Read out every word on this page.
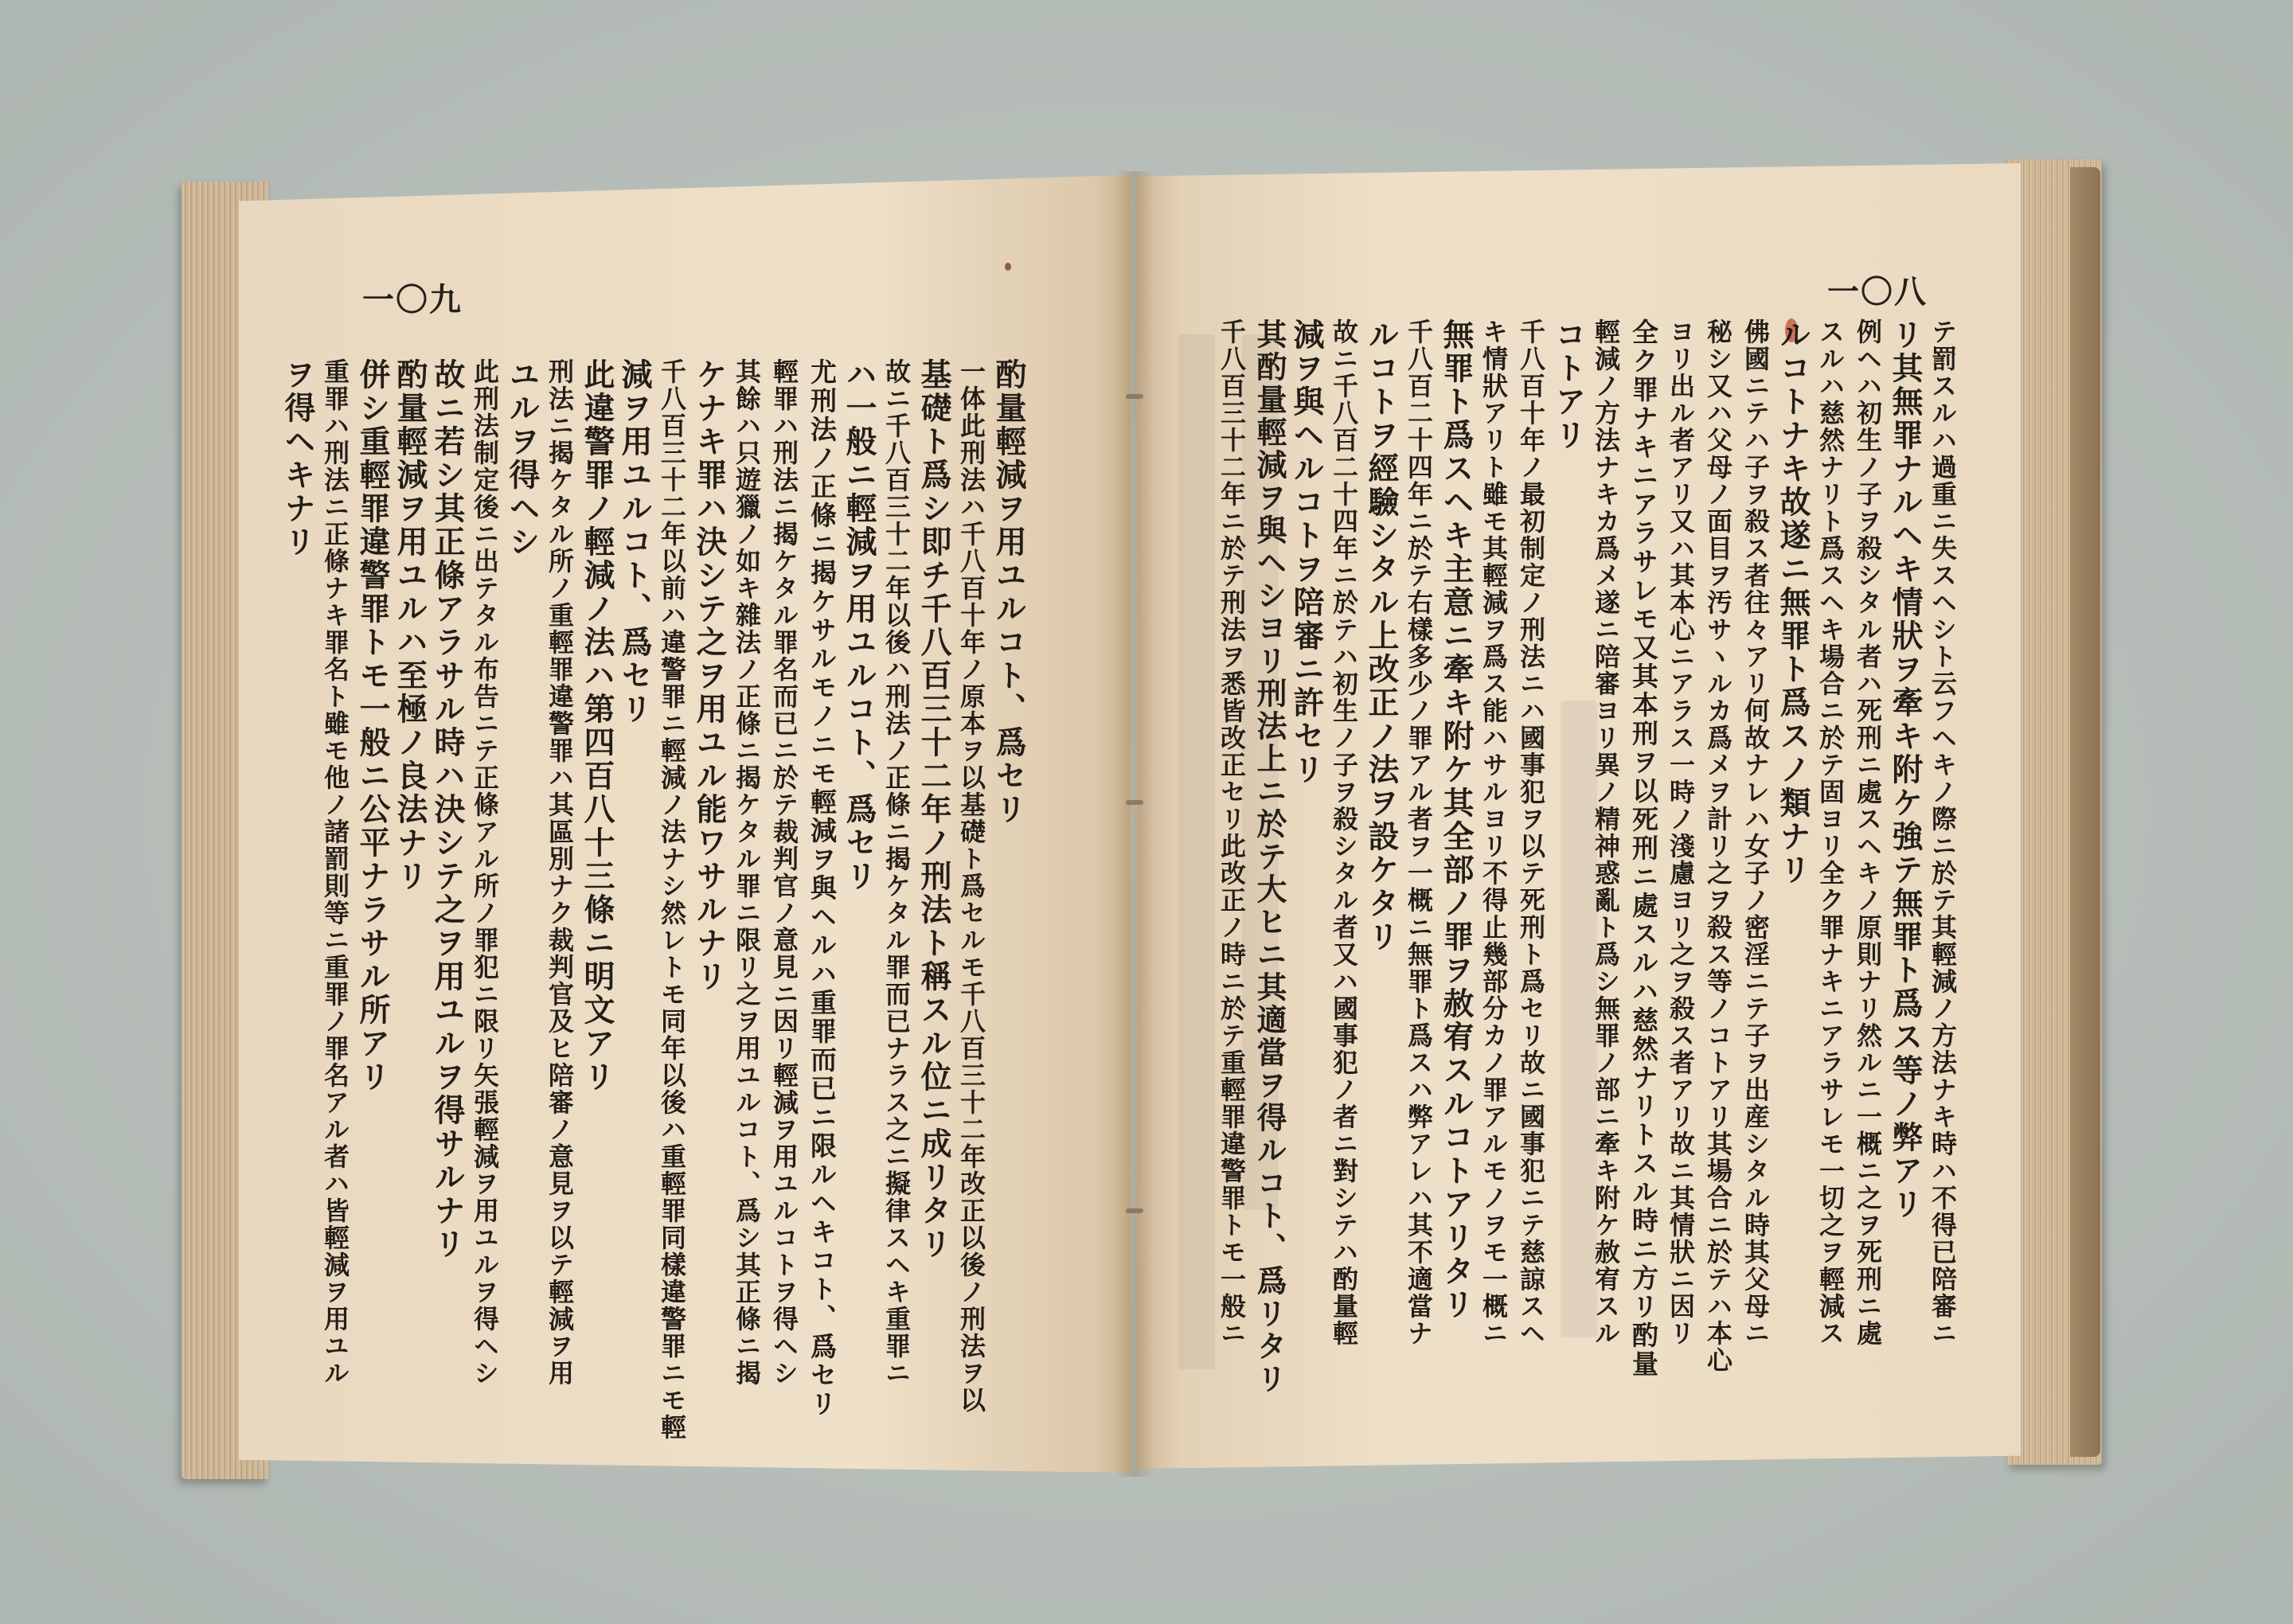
一〇九	一〇八
酌量輕減ヲ用ユルコト、爲セリ
一体此刑法ハ千八百十年ノ原本ヲ以基礎ト爲セルモ千八百三十二年改正以後ノ刑法ヲ以
基礎ト爲シ即チ千八百三十二年ノ刑法ト稱スル位ニ成リタリ
故ニ千八百三十二年以後ハ刑法ノ正條ニ揭ケタル罪而已ナラス之ニ擬律スヘキ重罪ニ
ハ一般ニ輕減ヲ用ユルコト、爲セリ
尤刑法ノ正條ニ揭ケサルモノニモ輕減ヲ與ヘルハ重罪而已ニ限ルヘキコト、爲セリ
輕罪ハ刑法ニ揭ケタル罪名而已ニ於テ裁判官ノ意見ニ因リ輕減ヲ用ユルコトヲ得ヘシ
其餘ハ只遊獵ノ如キ雜法ノ正條ニ揭ケタル罪ニ限リ之ヲ用ユルコト、爲シ其正條ニ揭
ケナキ罪ハ決シテ之ヲ用ユル能ワサルナリ
千八百三十二年以前ハ違警罪ニ輕減ノ法ナシ然レトモ同年以後ハ重輕罪同樣違警罪ニモ輕
減ヲ用ユルコト、爲セリ
此違警罪ノ輕減ノ法ハ第四百八十三條ニ明文アリ
刑法ニ揭ケタル所ノ重輕罪違警罪ハ其區別ナク裁判官及ヒ陪審ノ意見ヲ以テ輕減ヲ用
ユルヲ得ヘシ
此刑法制定後ニ出テタル布告ニテ正條アル所ノ罪犯ニ限リ矢張輕減ヲ用ユルヲ得ヘシ
故ニ若シ其正條アラサル時ハ決シテ之ヲ用ユルヲ得サルナリ
酌量輕減ヲ用ユルハ至極ノ良法ナリ
併シ重輕罪違警罪トモ一般ニ公平ナラサル所アリ
重罪ハ刑法ニ正條ナキ罪名ト雖モ他ノ諸罰則等ニ重罪ノ罪名アル者ハ皆輕減ヲ用ユル
ヲ得ヘキナリ	テ罰スルハ過重ニ失スヘシト云フヘキノ際ニ於テ其輕減ノ方法ナキ時ハ不得已陪審ニ
リ其無罪ナルヘキ情狀ヲ牽キ附ケ強テ無罪ト爲ス等ノ弊アリ
例ヘハ初生ノ子ヲ殺シタル者ハ死刑ニ處スヘキノ原則ナリ然ルニ一概ニ之ヲ死刑ニ處
スルハ慈然ナリト爲スヘキ場合ニ於テ固ヨリ全ク罪ナキニアラサレモ一切之ヲ輕減ス
ルコトナキ故遂ニ無罪ト爲スノ類ナリ
佛國ニテハ子ヲ殺ス者往々アリ何故ナレハ女子ノ密淫ニテ子ヲ出産シタル時其父母ニ
秘シ又ハ父母ノ面目ヲ汚サヽルカ爲メヲ計リ之ヲ殺ス等ノコトアリ其場合ニ於テハ本心
ヨリ出ル者アリ又ハ其本心ニアラス一時ノ淺慮ヨリ之ヲ殺ス者アリ故ニ其情狀ニ因リ
全ク罪ナキニアラサレモ又其本刑ヲ以死刑ニ處スルハ慈然ナリトスル時ニ方リ酌量
輕減ノ方法ナキカ爲メ遂ニ陪審ヨリ異ノ精神惑亂ト爲シ無罪ノ部ニ牽キ附ケ赦宥スル
コトアリ
千八百十年ノ最初制定ノ刑法ニハ國事犯ヲ以テ死刑ト爲セリ故ニ國事犯ニテ慈諒スヘ
キ情狀アリト雖モ其輕減ヲ爲ス能ハサルヨリ不得止幾部分カノ罪アルモノヲモ一概ニ
無罪ト爲スヘキ主意ニ牽キ附ケ其全部ノ罪ヲ赦宥スルコトアリタリ
千八百二十四年ニ於テ右樣多少ノ罪アル者ヲ一概ニ無罪ト爲スハ弊アレハ其不適當ナ
ルコトヲ經驗シタル上改正ノ法ヲ設ケタリ
故ニ千八百二十四年ニ於テハ初生ノ子ヲ殺シタル者又ハ國事犯ノ者ニ對シテハ酌量輕
減ヲ與ヘルコトヲ陪審ニ許セリ
其酌量輕減ヲ與ヘシヨリ刑法上ニ於テ大ヒニ其適當ヲ得ルコト、爲リタリ
千八百三十二年ニ於テ刑法ヲ悉皆改正セリ此改正ノ時ニ於テ重輕罪違警罪トモ一般ニ
